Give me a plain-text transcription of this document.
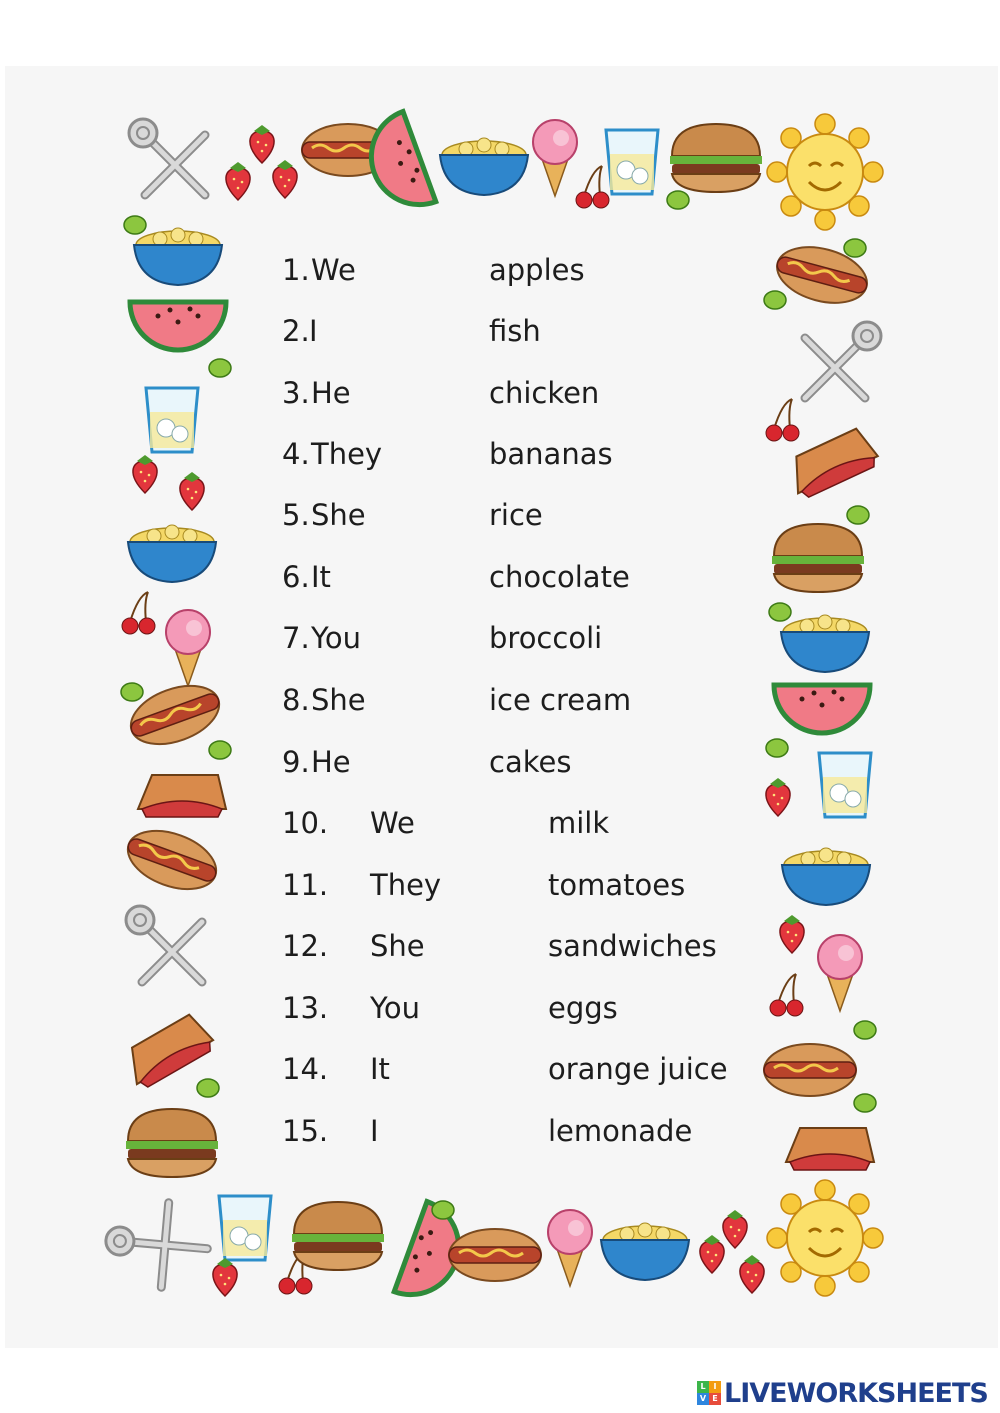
1. We	apples
2. I	fish
3. He	chicken
4. They	bananas
5. She	rice
6. It	chocolate
7. You	broccoli
8. She	ice cream
9. He	cakes
10. We	milk
11. They	tomatoes
12. She	sandwiches
13. You	eggs
14. It	orange juice
15. I	lemonade
L I
V E LIVEWORKSHEETS
